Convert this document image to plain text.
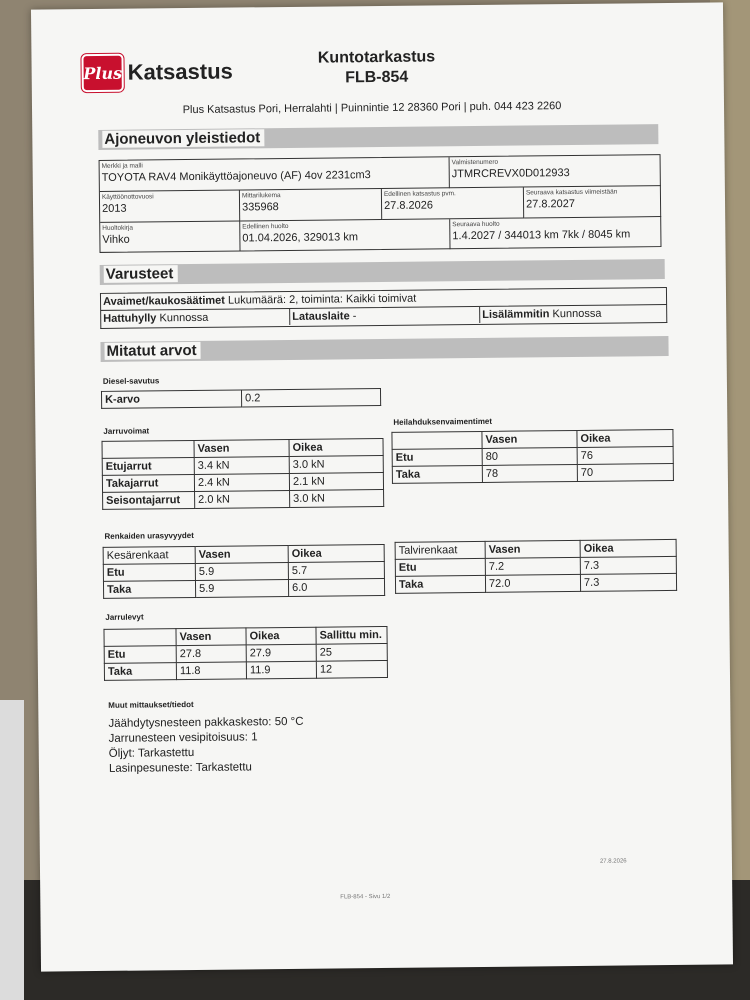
Plus Katsastus
Kuntotarkastus
FLB-854
Plus Katsastus Pori, Herralahti | Puinnintie 12 28360 Pori | puh. 044 423 2260
Ajoneuvon yleistiedot
Merkki ja malli
TOYOTA RAV4 Monikäyttöajoneuvo (AF) 4ov 2231cm3
Valmistenumero
JTMRCREVX0D012933
Käyttöönottovuosi
2013
Mittarilukema
335968
Edellinen katsastus pvm.
27.8.2026
Seuraava katsastus viimeistään
27.8.2027
Huoltokirja
Vihko
Edellinen huolto
01.04.2026, 329013 km
Seuraava huolto
1.4.2027 / 344013 km 7kk / 8045 km
Varusteet
Avaimet/kaukosäätimet Lukumäärä: 2, toiminta: Kaikki toimivat
Hattuhylly Kunnossa	Latauslaite -	Lisälämmitin Kunnossa
Mitatut arvot
Diesel-savutus
K-arvo	0.2
Jarruvoimat
	Vasen	Oikea
Etujarrut	3.4 kN	3.0 kN
Takajarrut	2.4 kN	2.1 kN
Seisontajarrut	2.0 kN	3.0 kN
Heilahduksenvaimentimet
	Vasen	Oikea
Etu	80	76
Taka	78	70
Renkaiden urasyvyydet
Kesärenkaat	Vasen	Oikea
Etu	5.9	5.7
Taka	5.9	6.0
Talvirenkaat	Vasen	Oikea
Etu	7.2	7.3
Taka	72.0	7.3
Jarrulevyt
	Vasen	Oikea	Sallittu min.
Etu	27.8	27.9	25
Taka	11.8	11.9	12
Muut mittaukset/tiedot
Jäähdytysnesteen pakkaskesto: 50 °C
Jarrunesteen vesipitoisuus: 1
Öljyt: Tarkastettu
Lasinpesuneste: Tarkastettu
27.8.2026
FLB-854 - Sivu 1/2
